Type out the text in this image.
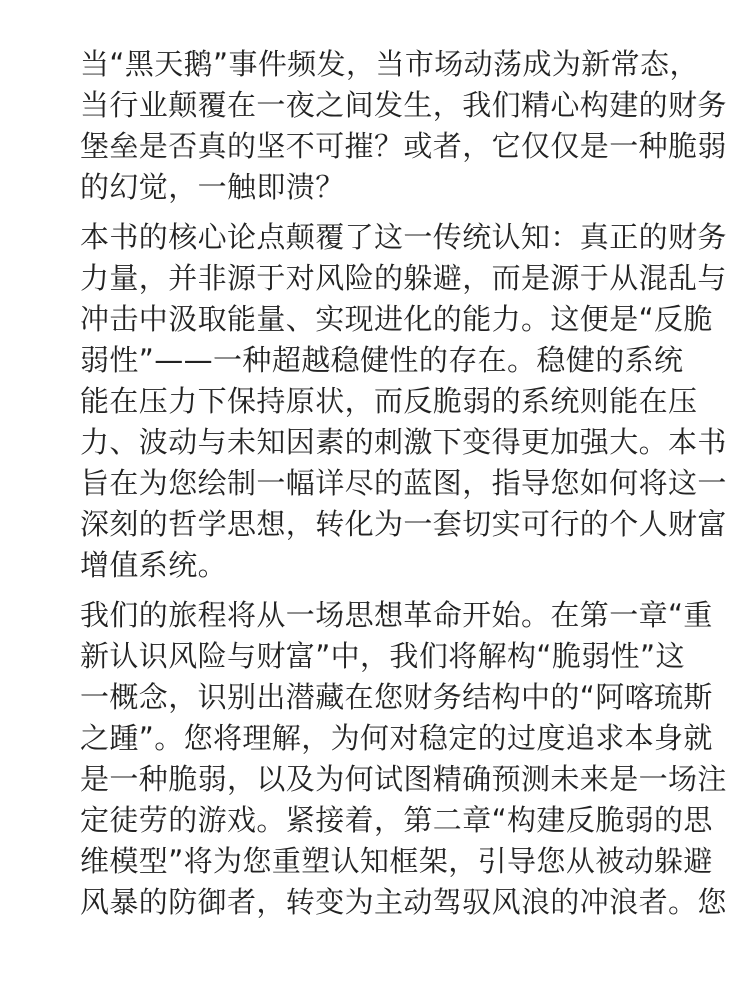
当“黑天鹅”事件频发，当市场动荡成为新常态，
当行业颠覆在一夜之间发生，我们精心构建的财务
堡垒是否真的坚不可摧？或者，它仅仅是一种脆弱
的幻觉，一触即溃？

本书的核心论点颠覆了这一传统认知：真正的财务
力量，并非源于对风险的躲避，而是源于从混乱与
冲击中汲取能量、实现进化的能力。这便是“反脆
弱性”——一种超越稳健性的存在。稳健的系统
能在压力下保持原状，而反脆弱的系统则能在压
力、波动与未知因素的刺激下变得更加强大。本书
旨在为您绘制一幅详尽的蓝图，指导您如何将这一
深刻的哲学思想，转化为一套切实可行的个人财富
增值系统。

我们的旅程将从一场思想革命开始。在第一章“重
新认识风险与财富”中，我们将解构“脆弱性”这
一概念，识别出潜藏在您财务结构中的“阿喀琉斯
之踵”。您将理解，为何对稳定的过度追求本身就
是一种脆弱，以及为何试图精确预测未来是一场注
定徒劳的游戏。紧接着，第二章“构建反脆弱的思
维模型”将为您重塑认知框架，引导您从被动躲避
风暴的防御者，转变为主动驾驭风浪的冲浪者。您
